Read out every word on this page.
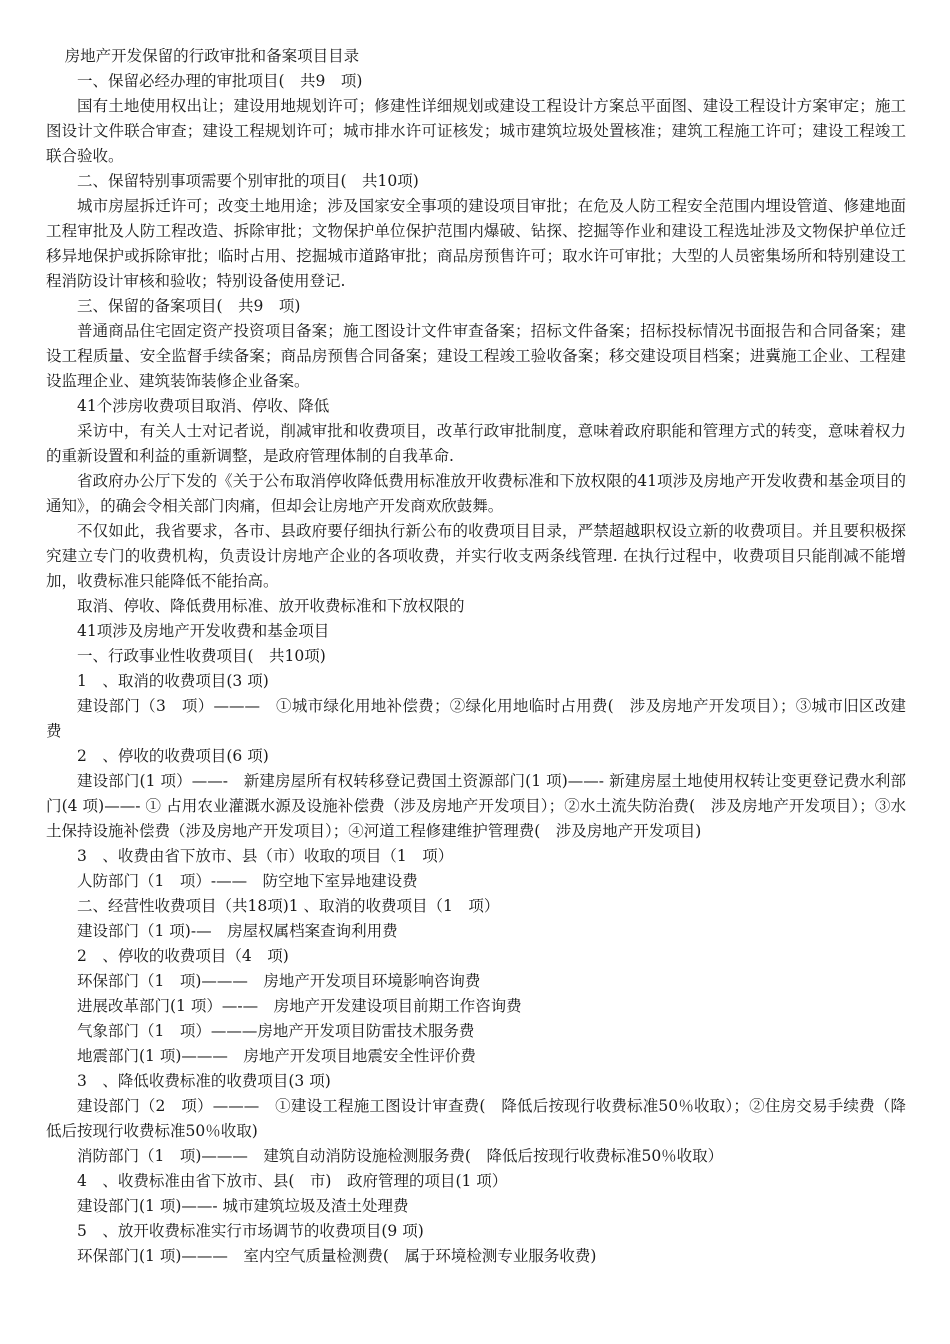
房地产开发保留的行政审批和备案项目目录

一、保留必经办理的审批项目(　共9　项)

国有土地使用权出让；建设用地规划许可；修建性详细规划或建设工程设计方案总平面图、建设工程设计方案审定；施工图设计文件联合审查；建设工程规划许可；城市排水许可证核发；城市建筑垃圾处置核准；建筑工程施工许可；建设工程竣工联合验收。

二、保留特别事项需要个别审批的项目(　共10项)

城市房屋拆迁许可；改变土地用途；涉及国家安全事项的建设项目审批；在危及人防工程安全范围内埋设管道、修建地面工程审批及人防工程改造、拆除审批；文物保护单位保护范围内爆破、钻探、挖掘等作业和建设工程选址涉及文物保护单位迁移异地保护或拆除审批；临时占用、挖掘城市道路审批；商品房预售许可；取水许可审批；大型的人员密集场所和特别建设工程消防设计审核和验收；特别设备使用登记.

三、保留的备案项目(　共9　项)

普通商品住宅固定资产投资项目备案；施工图设计文件审查备案；招标文件备案；招标投标情况书面报告和合同备案；建设工程质量、安全监督手续备案；商品房预售合同备案；建设工程竣工验收备案；移交建设项目档案；进冀施工企业、工程建设监理企业、建筑装饰装修企业备案。

41个涉房收费项目取消、停收、降低

采访中，有关人士对记者说，削减审批和收费项目，改革行政审批制度，意味着政府职能和管理方式的转变，意味着权力的重新设置和利益的重新调整，是政府管理体制的自我革命.

省政府办公厅下发的《关于公布取消停收降低费用标准放开收费标准和下放权限的41项涉及房地产开发收费和基金项目的通知》，的确会令相关部门肉痛，但却会让房地产开发商欢欣鼓舞。

不仅如此，我省要求，各市、县政府要仔细执行新公布的收费项目目录，严禁超越职权设立新的收费项目。并且要积极探究建立专门的收费机构，负责设计房地产企业的各项收费，并实行收支两条线管理. 在执行过程中，收费项目只能削减不能增加，收费标准只能降低不能抬高。

取消、停收、降低费用标准、放开收费标准和下放权限的

41项涉及房地产开发收费和基金项目

一、行政事业性收费项目(　共10项)

1　、取消的收费项目(3 项)

建设部门（3　项）———　①城市绿化用地补偿费；②绿化用地临时占用费(　涉及房地产开发项目）；③城市旧区改建费

2　、停收的收费项目(6 项)

建设部门(1 项）——-　新建房屋所有权转移登记费国土资源部门(1 项)——- 新建房屋土地使用权转让变更登记费水利部门(4 项)——- ① 占用农业灌溉水源及设施补偿费（涉及房地产开发项目）；②水土流失防治费(　涉及房地产开发项目）；③水土保持设施补偿费（涉及房地产开发项目）；④河道工程修建维护管理费(　涉及房地产开发项目)

3　、收费由省下放市、县（市）收取的项目（1　项）

人防部门（1　项）-——　防空地下室异地建设费

二、经营性收费项目（共18项)1 、取消的收费项目（1　项）

建设部门（1 项)-—　房屋权属档案查询利用费

2　、停收的收费项目（4　项)

环保部门（1　项)———　房地产开发项目环境影响咨询费

进展改革部门(1 项）—-—　房地产开发建设项目前期工作咨询费

气象部门（1　项）———房地产开发项目防雷技术服务费

地震部门(1 项)———　房地产开发项目地震安全性评价费

3　、降低收费标准的收费项目(3 项)

建设部门（2　项）———　①建设工程施工图设计审查费(　降低后按现行收费标准50％收取）；②住房交易手续费（降低后按现行收费标准50％收取)

消防部门（1　项)———　建筑自动消防设施检测服务费(　降低后按现行收费标准50％收取）

4　、收费标准由省下放市、县(　市)　政府管理的项目(1 项）

建设部门(1 项)——- 城市建筑垃圾及渣土处理费

5　、放开收费标准实行市场调节的收费项目(9 项)

环保部门(1 项)———　室内空气质量检测费(　属于环境检测专业服务收费)
